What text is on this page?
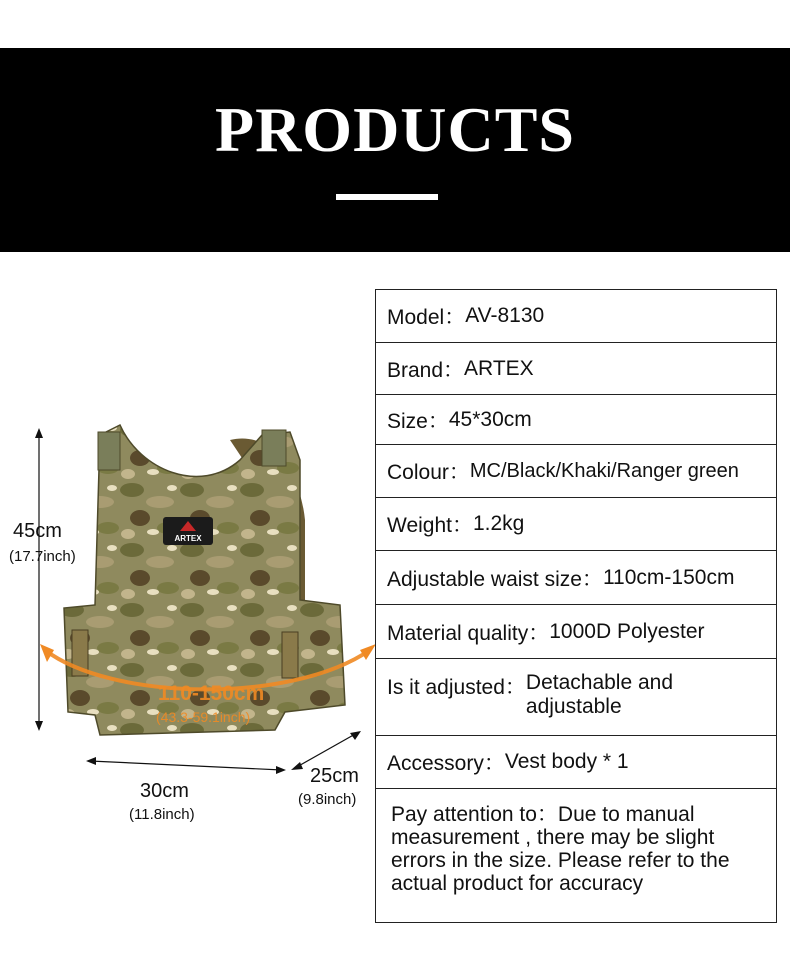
PRODUCTS
ARTEX
45cm
(17.7inch)
30cm
(11.8inch)
25cm
(9.8inch)
110-150cm
(43.3-59.1inch)
Model： AV-8130
Brand： ARTEX
Size： 45*30cm
Colour： MC/Black/Khaki/Ranger green
Weight： 1.2kg
Adjustable waist size： 110cm-150cm
Material quality： 1000D Polyester
Is it adjusted： Detachable and
adjustable
Accessory： Vest body * 1
Pay attention to：Due to manual measurement , there may be slight errors in the size. Please refer to the actual product for accuracy
